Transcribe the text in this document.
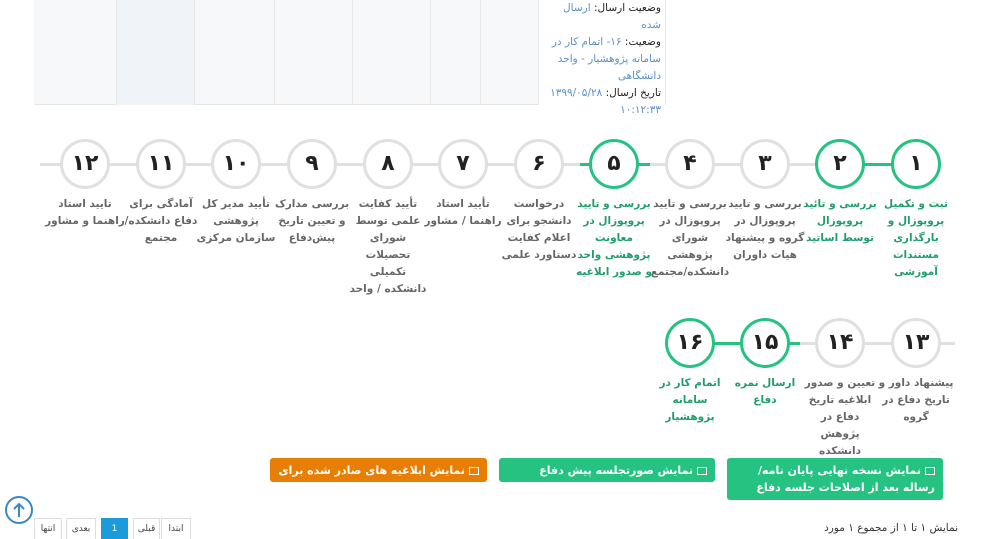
وضعیت ارسال: ارسال شده
وضعیت: ۱۶- اتمام کار در سامانه پژوهشیار - واحد دانشگاهی
تاریخ ارسال: ۱۳۹۹/۰۵/۲۸ ۱۰:۱۲:۳۳
۱
ثبت و تکمیل پروپوزال و بارگذاری مستندات آموزشی
۲
بررسی و تائید پروپوزال توسط اساتید
۳
بررسی و تایید پروپوزال در گروه و پیشنهاد هیات داوران
۴
بررسی و تایید پروپوزال در شورای پژوهشی دانشکده/مجتمع
۵
بررسی و تایید پروپوزال در معاونت پژوهشی واحد و صدور ابلاغیه
۶
درخواست دانشجو برای اعلام کفایت دستاورد علمی
۷
تأیید استاد راهنما / مشاور
۸
تأیید کفایت علمی توسط شورای تحصیلات تکمیلی دانشکده / واحد
۹
بررسی مدارک و تعیین تاریخ پیش‌دفاع
۱۰
تأیید مدیر کل پژوهشی سازمان مرکزی
۱۱
آمادگی برای دفاع دانشکده/مجتمع
۱۲
تایید استاد راهنما و مشاور
۱۳
پیشنهاد داور و تاریخ دفاع در گروه
۱۴
تعیین و صدور ابلاغیه تاریخ دفاع در پژوهش دانشکده
۱۵
ارسال نمره دفاع
۱۶
اتمام کار در سامانه پژوهشیار
نمایش نسخه نهایی پایان نامه/رساله بعد از اصلاحات جلسه دفاع
نمایش صورتجلسه پیش دفاع
نمایش ابلاغیه های صادر شده برای شما
نمایش ۱ تا ۱ از مجموع ۱ مورد
ابتدا
قبلی
1
بعدی
انتها
